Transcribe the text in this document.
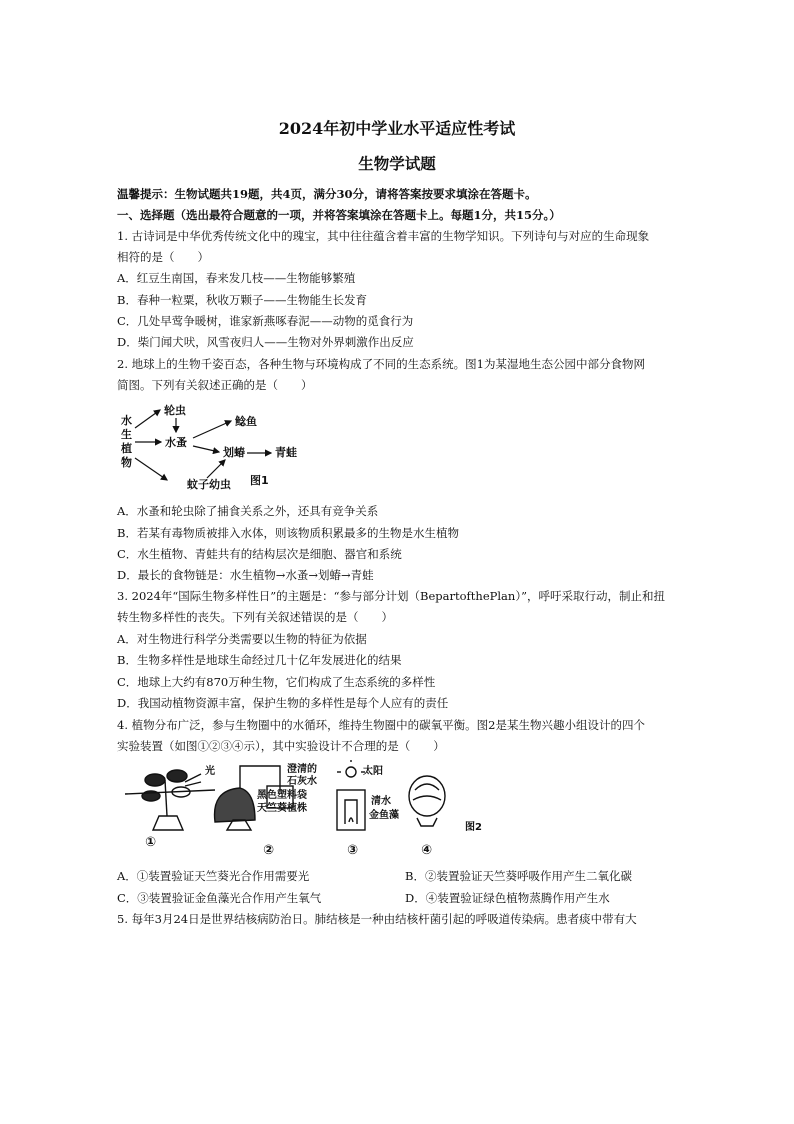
2024年初中学业水平适应性考试
生物学试题
温馨提示：生物试题共19题，共4页，满分30分，请将答案按要求填涂在答题卡。
一、选择题（选出最符合题意的一项，并将答案填涂在答题卡上。每题1分，共15分。）
1. 古诗词是中华优秀传统文化中的瑰宝，其中往往蕴含着丰富的生物学知识。下列诗句与对应的生命现象
相符的是（　　）
A．红豆生南国，春来发几枝——生物能够繁殖
B．春种一粒粟，秋收万颗子——生物能生长发育
C．几处早莺争暖树，谁家新燕啄春泥——动物的觅食行为
D．柴门闻犬吠，风雪夜归人——生物对外界刺激作出反应
2. 地球上的生物千姿百态，各种生物与环境构成了不同的生态系统。图1为某湿地生态公园中部分食物网
简图。下列有关叙述正确的是（　　）
水
生
植
物
轮虫
水蚤
鲶鱼
划蝽	青蛙
蚊子幼虫 图1
A．水蚤和轮虫除了捕食关系之外，还具有竞争关系
B．若某有毒物质被排入水体，则该物质积累最多的生物是水生植物
C．水生植物、青蛙共有的结构层次是细胞、器官和系统
D．最长的食物链是：水生植物→水蚤→划蝽→青蛙
3. 2024年“国际生物多样性日”的主题是：“参与部分计划（BepartofthePlan）”，呼吁采取行动，制止和扭
转生物多样性的丧失。下列有关叙述错误的是（　　）
A．对生物进行科学分类需要以生物的特征为依据
B．生物多样性是地球生命经过几十亿年发展进化的结果
C．地球上大约有870万种生物，它们构成了生态系统的多样性
D．我国动植物资源丰富，保护生物的多样性是每个人应有的责任
4. 植物分布广泛，参与生物圈中的水循环，维持生物圈中的碳氧平衡。图2是某生物兴趣小组设计的四个
实验装置（如图①②③④示），其中实验设计不合理的是（　　）
光	澄清的
石灰水
黑色塑料袋
天竺葵植株
太阳
清水
金鱼藻
①
②	③	④
图2
A．①装置验证天竺葵光合作用需要光	B．②装置验证天竺葵呼吸作用产生二氧化碳
C．③装置验证金鱼藻光合作用产生氧气	D．④装置验证绿色植物蒸腾作用产生水
5. 每年3月24日是世界结核病防治日。肺结核是一种由结核杆菌引起的呼吸道传染病。患者痰中带有大
